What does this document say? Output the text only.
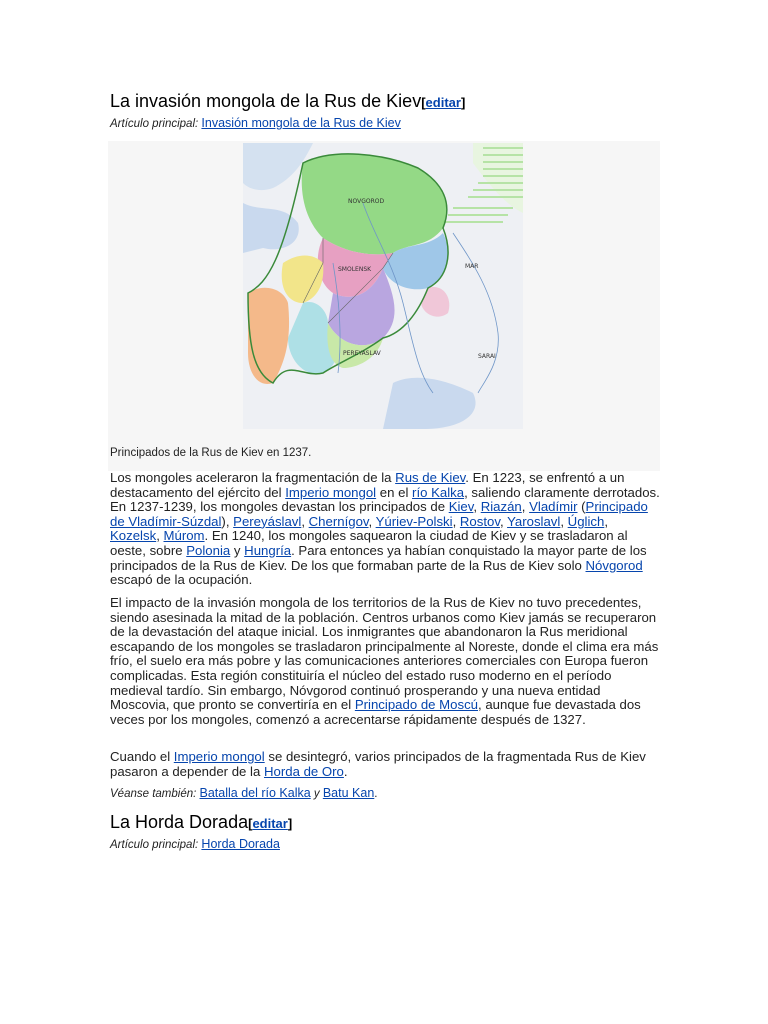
La invasión mongola de la Rus de Kiev[editar]
Artículo principal: Invasión mongola de la Rus de Kiev
NOVGOROD
SMOLENSK
PEREYASLAV
MAR
SARAI
Principados de la Rus de Kiev en 1237.

Los mongoles aceleraron la fragmentación de la Rus de Kiev. En 1223, se enfrentó a un destacamento del ejército del Imperio mongol en el río Kalka, saliendo claramente derrotados. En 1237-1239, los mongoles devastan los principados de Kiev, Riazán, Vladímir (Principado de Vladímir-Súzdal), Pereyáslavl, Chernígov, Yúriev-Polski, Rostov, Yaroslavl, Úglich, Kozelsk, Múrom. En 1240, los mongoles saquearon la ciudad de Kiev y se trasladaron al oeste, sobre Polonia y Hungría. Para entonces ya habían conquistado la mayor parte de los principados de la Rus de Kiev. De los que formaban parte de la Rus de Kiev solo Nóvgorod escapó de la ocupación.

El impacto de la invasión mongola de los territorios de la Rus de Kiev no tuvo precedentes, siendo asesinada la mitad de la población. Centros urbanos como Kiev jamás se recuperaron de la devastación del ataque inicial. Los inmigrantes que abandonaron la Rus meridional escapando de los mongoles se trasladaron principalmente al Noreste, donde el clima era más frío, el suelo era más pobre y las comunicaciones anteriores comerciales con Europa fueron complicadas. Esta región constituiría el núcleo del estado ruso moderno en el período medieval tardío. Sin embargo, Nóvgorod continuó prosperando y una nueva entidad Moscovia, que pronto se convertiría en el Principado de Moscú, aunque fue devastada dos veces por los mongoles, comenzó a acrecentarse rápidamente después de 1327.

Cuando el Imperio mongol se desintegró, varios principados de la fragmentada Rus de Kiev pasaron a depender de la Horda de Oro.

Véanse también: Batalla del río Kalka y Batu Kan.
La Horda Dorada[editar]
Artículo principal: Horda Dorada
